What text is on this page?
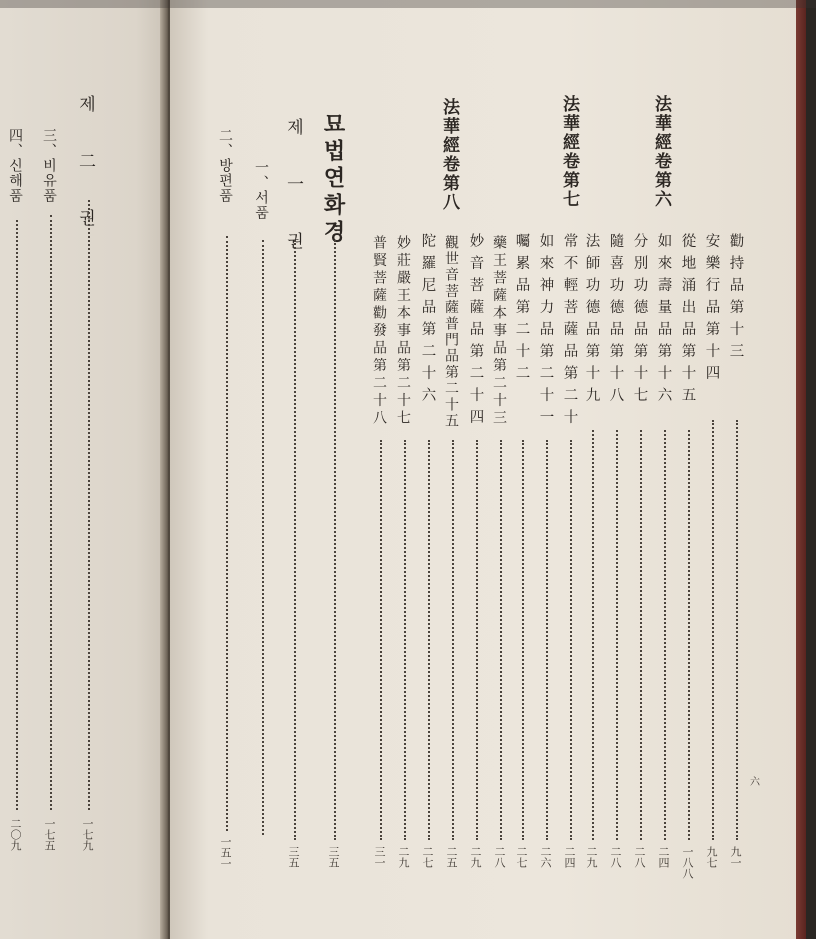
제 二 권
一七九
三、비유품
一七五
四、신해품
二〇九
六
勸持品第十三
九一
安樂行品第十四
九七
從地涌出品第十五
一八八
法華經卷第六
如來壽量品第十六
二四
分別功德品第十七
二八
隨喜功德品第十八
二八
法師功德品第十九
二九
法華經卷第七
常不輕菩薩品第二十
二四
如來神力品第二十一
二六
囑累品第二十二
二七
藥王菩薩本事品第二十三
二八
妙音菩薩品第二十四
二九
觀世音菩薩普門品第二十五
二五
法華經卷第八
陀羅尼品第二十六
二七
妙莊嚴王本事品第二十七
二九
普賢菩薩勸發品第二十八
三一
묘법연화경
三五
제 一 권
三五
一、서품
二、방편품
一五一
